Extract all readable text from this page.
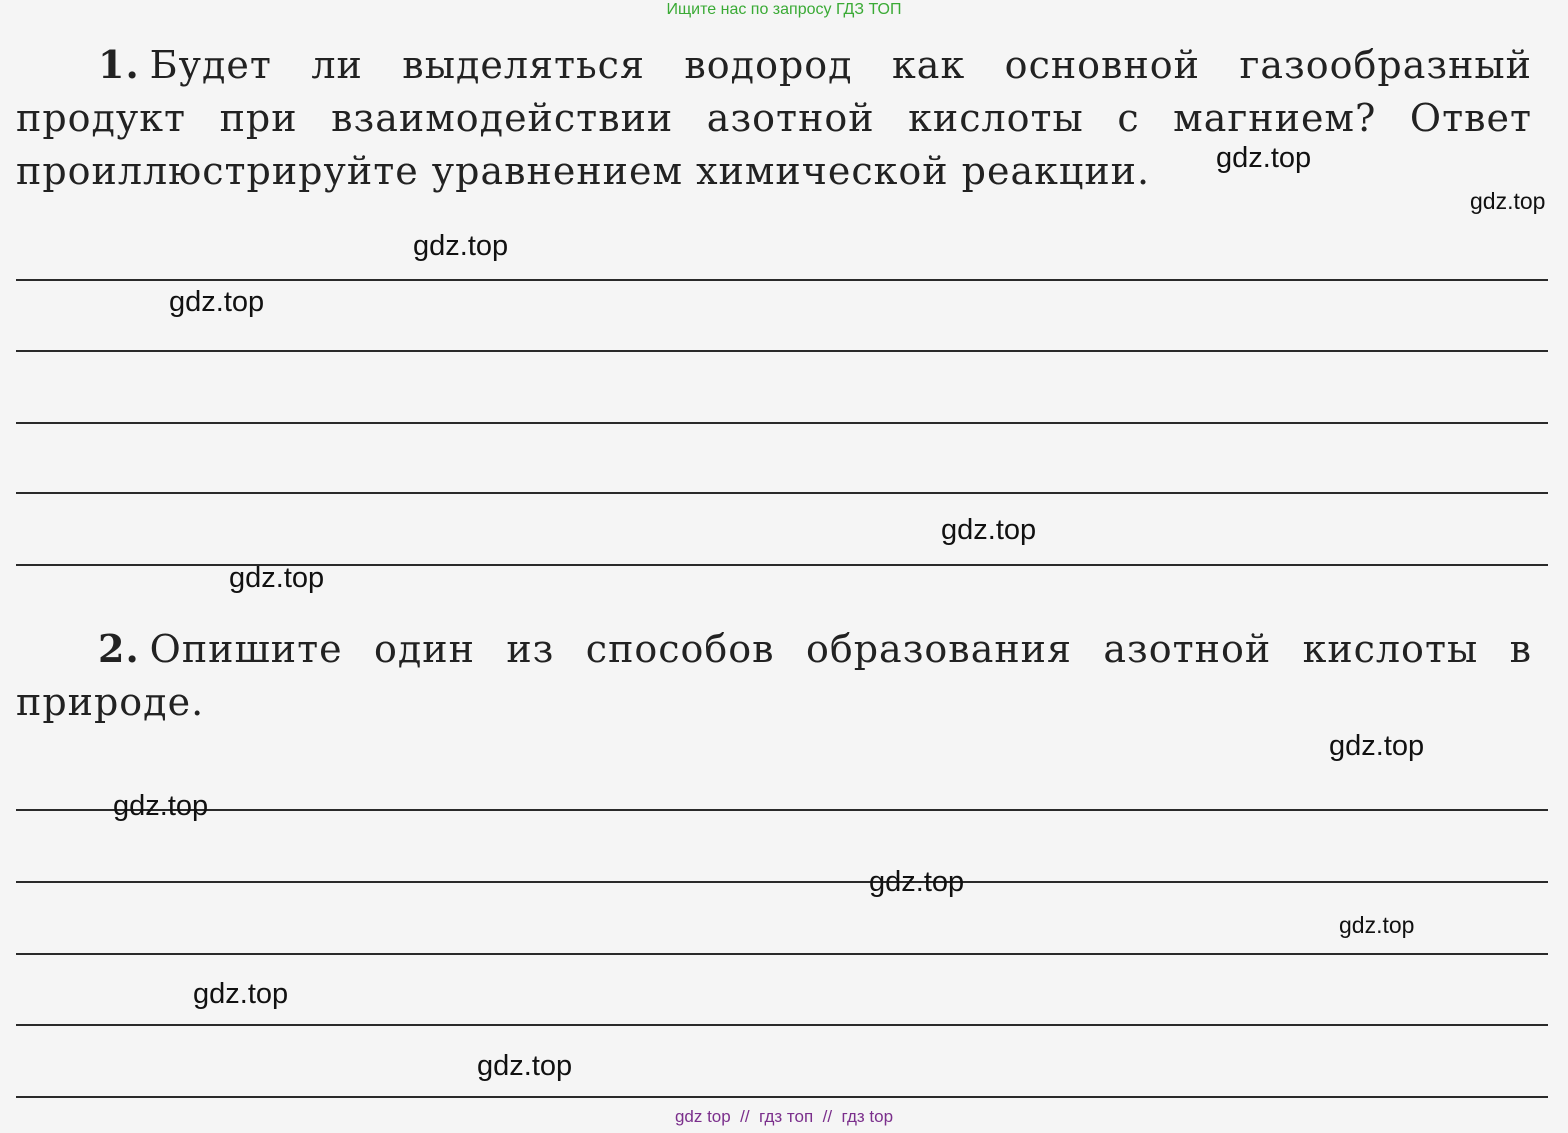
Ищите нас по запросу ГДЗ ТОП
1. Будет ли выделяться водород как основной газообразный продукт при взаимодействии азотной кислоты с магнием? Ответ проиллюстрируйте уравнением химической реакции.
2. Опишите один из способов образования азотной кислоты в природе.
gdz.top
gdz.top
gdz.top
gdz.top
gdz.top
gdz.top
gdz.top
gdz.top
gdz.top
gdz.top
gdz.top
gdz.top
gdz top  //  гдз топ  //  гдз top
